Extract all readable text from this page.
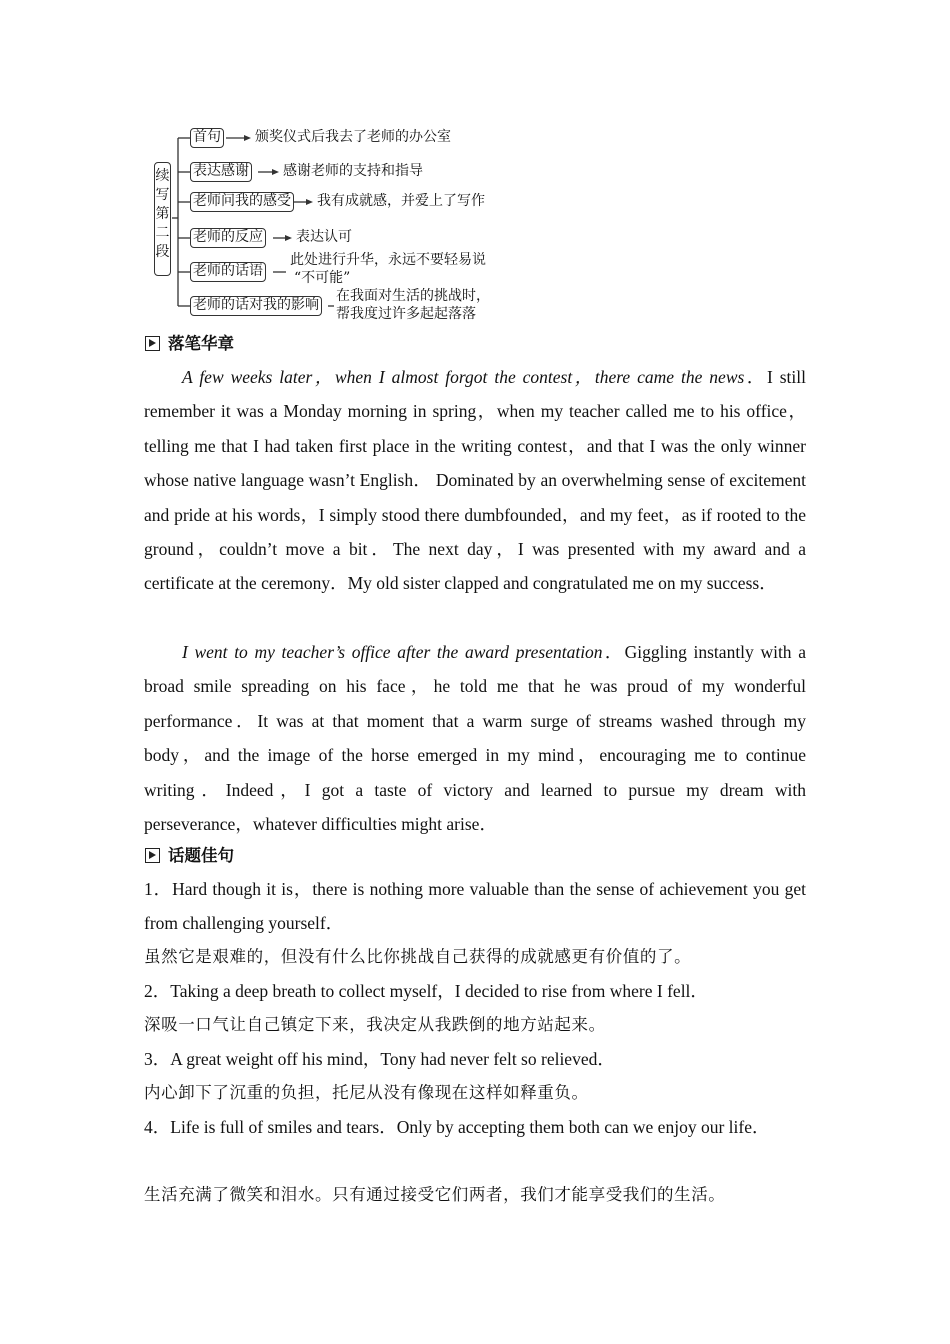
续写第二段
首句 颁奖仪式后我去了老师的办公室
表达感谢 感谢老师的支持和指导
老师问我的感受 我有成就感，并爱上了写作
老师的反应 表达认可
老师的话语
此处进行升华，永远不要轻易说
“不可能”
老师的话对我的影响
在我面对生活的挑战时，
帮我度过许多起起落落
落笔华章

A few weeks later，when I almost forgot the contest，there came the news．I still remember it was a Monday morning in spring，when my teacher called me to his office，telling me that I had taken first place in the writing contest，and that I was the only winner whose native language wasn’t English． Dominated by an overwhelming sense of excitement and pride at his words，I simply stood there dumbfounded，and my feet，as if rooted to the ground，couldn’t move a bit．The next day，I was presented with my award and a certificate at the ceremony．My old sister clapped and congratulated me on my success．

I went to my teacher’s office after the award presentation．Giggling instantly with a broad smile spreading on his face，he told me that he was proud of my wonderful performance．It was at that moment that a warm surge of streams washed through my body，and the image of the horse emerged in my mind，encouraging me to continue writing．Indeed，I got a taste of victory and learned to pursue my dream with perseverance，whatever difficulties might arise．

话题佳句

1．Hard though it is，there is nothing more valuable than the sense of achievement you get from challenging yourself．

虽然它是艰难的，但没有什么比你挑战自己获得的成就感更有价值的了。

2．Taking a deep breath to collect myself，I decided to rise from where I fell．

深吸一口气让自己镇定下来，我决定从我跌倒的地方站起来。

3．A great weight off his mind，Tony had never felt so relieved．

内心卸下了沉重的负担，托尼从没有像现在这样如释重负。

4．Life is full of smiles and tears．Only by accepting them both can we enjoy our life．

生活充满了微笑和泪水。只有通过接受它们两者，我们才能享受我们的生活。
